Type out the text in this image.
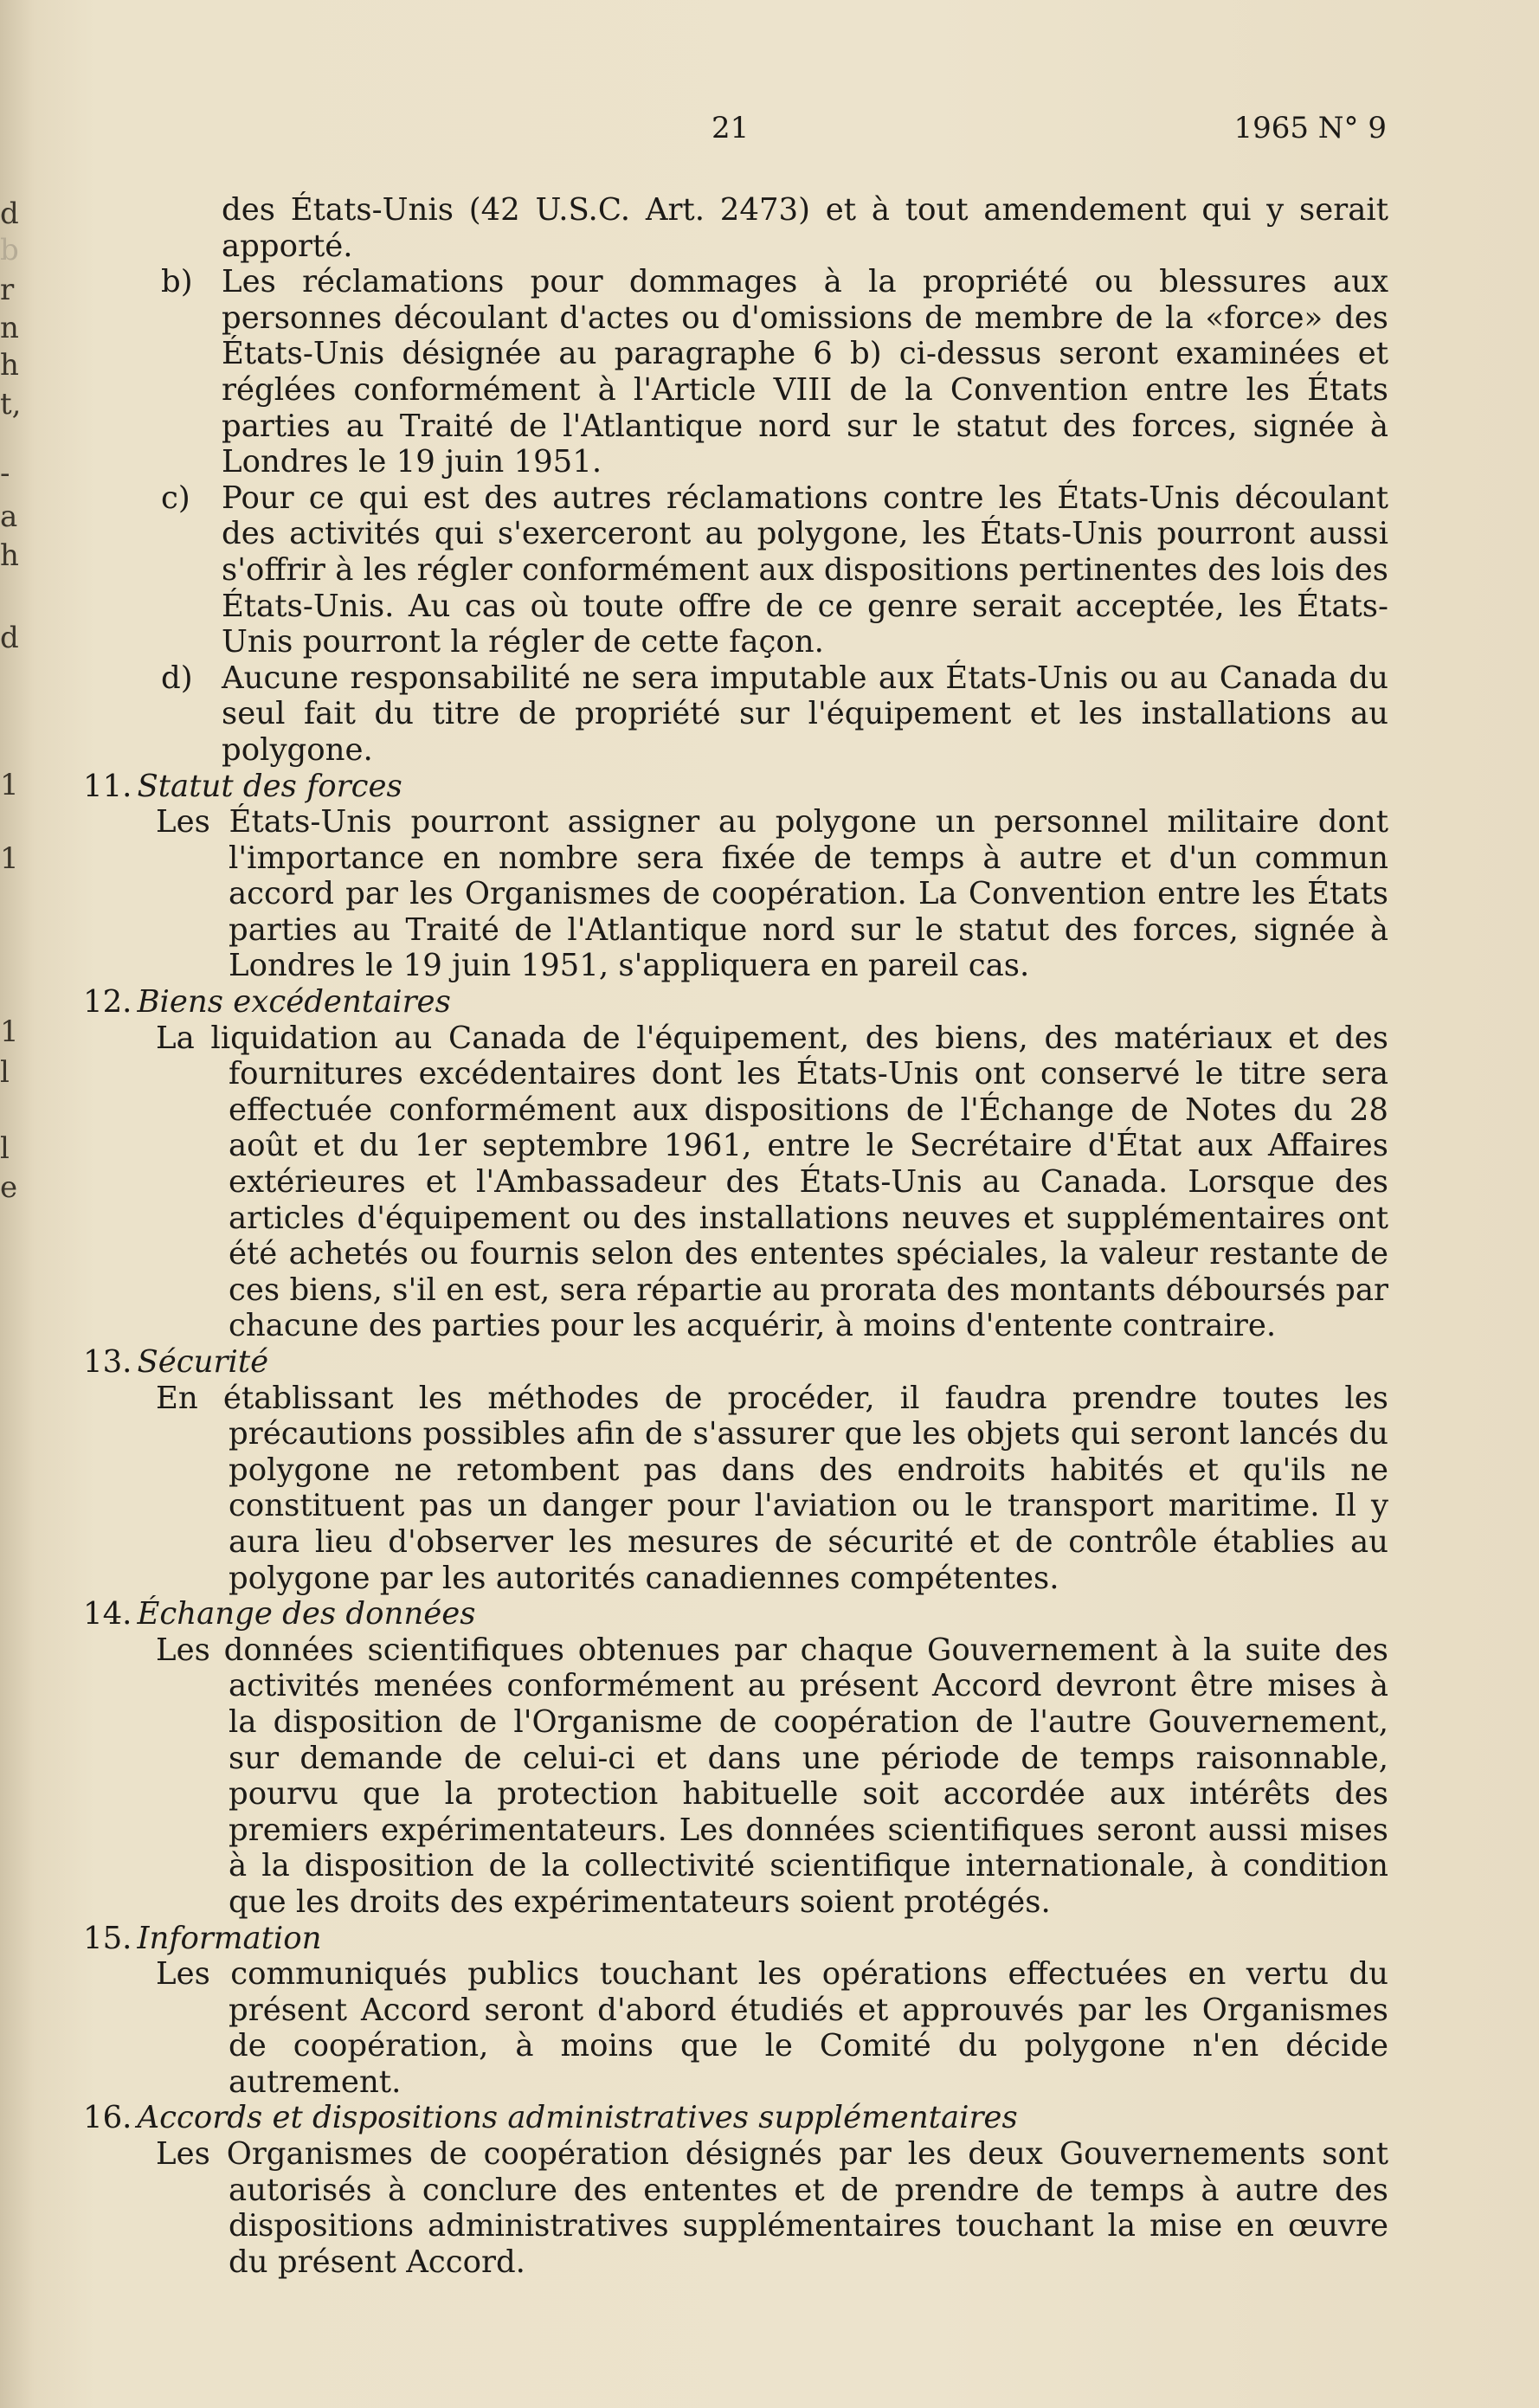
d
b
r
n
h
t,
-
a
h
d
1
1
1
l
l
e
21	1965 N° 9
des États-Unis (42 U.S.C. Art. 2473) et à tout amendement qui y serait apporté.
b) Les réclamations pour dommages à la propriété ou blessures aux personnes découlant d'actes ou d'omissions de membre de la «force» des États-Unis désignée au paragraphe 6 b) ci-dessus seront examinées et réglées conformément à l'Article VIII de la Convention entre les États parties au Traité de l'Atlantique nord sur le statut des forces, signée à Londres le 19 juin 1951.
c) Pour ce qui est des autres réclamations contre les États-Unis découlant des activités qui s'exerceront au polygone, les États-Unis pourront aussi s'offrir à les régler conformément aux dispositions pertinentes des lois des États-Unis. Au cas où toute offre de ce genre serait acceptée, les États-Unis pourront la régler de cette façon.
d) Aucune responsabilité ne sera imputable aux États-Unis ou au Canada du seul fait du titre de propriété sur l'équipement et les installations au polygone.
11. Statut des forces
Les États-Unis pourront assigner au polygone un personnel militaire dont l'importance en nombre sera fixée de temps à autre et d'un commun accord par les Organismes de coopération. La Convention entre les États parties au Traité de l'Atlantique nord sur le statut des forces, signée à Londres le 19 juin 1951, s'appliquera en pareil cas.
12. Biens excédentaires
La liquidation au Canada de l'équipement, des biens, des matériaux et des fournitures excédentaires dont les États-Unis ont conservé le titre sera effectuée conformément aux dispositions de l'Échange de Notes du 28 août et du 1er septembre 1961, entre le Secrétaire d'État aux Affaires extérieures et l'Ambassadeur des États-Unis au Canada. Lorsque des articles d'équipement ou des installations neuves et supplémentaires ont été achetés ou fournis selon des ententes spéciales, la valeur restante de ces biens, s'il en est, sera répartie au prorata des montants déboursés par chacune des parties pour les acquérir, à moins d'entente contraire.
13. Sécurité
En établissant les méthodes de procéder, il faudra prendre toutes les précautions possibles afin de s'assurer que les objets qui seront lancés du polygone ne retombent pas dans des endroits habités et qu'ils ne constituent pas un danger pour l'aviation ou le transport maritime. Il y aura lieu d'observer les mesures de sécurité et de contrôle établies au polygone par les autorités canadiennes compétentes.
14. Échange des données
Les données scientifiques obtenues par chaque Gouvernement à la suite des activités menées conformément au présent Accord devront être mises à la disposition de l'Organisme de coopération de l'autre Gouvernement, sur demande de celui-ci et dans une période de temps raisonnable, pourvu que la protection habituelle soit accordée aux intérêts des premiers expérimentateurs. Les données scientifiques seront aussi mises à la disposition de la collectivité scientifique internationale, à condition que les droits des expérimentateurs soient protégés.
15. Information
Les communiqués publics touchant les opérations effectuées en vertu du présent Accord seront d'abord étudiés et approuvés par les Organismes de coopération, à moins que le Comité du polygone n'en décide autrement.
16. Accords et dispositions administratives supplémentaires
Les Organismes de coopération désignés par les deux Gouvernements sont autorisés à conclure des ententes et de prendre de temps à autre des dispositions administratives supplémentaires touchant la mise en œuvre du présent Accord.
